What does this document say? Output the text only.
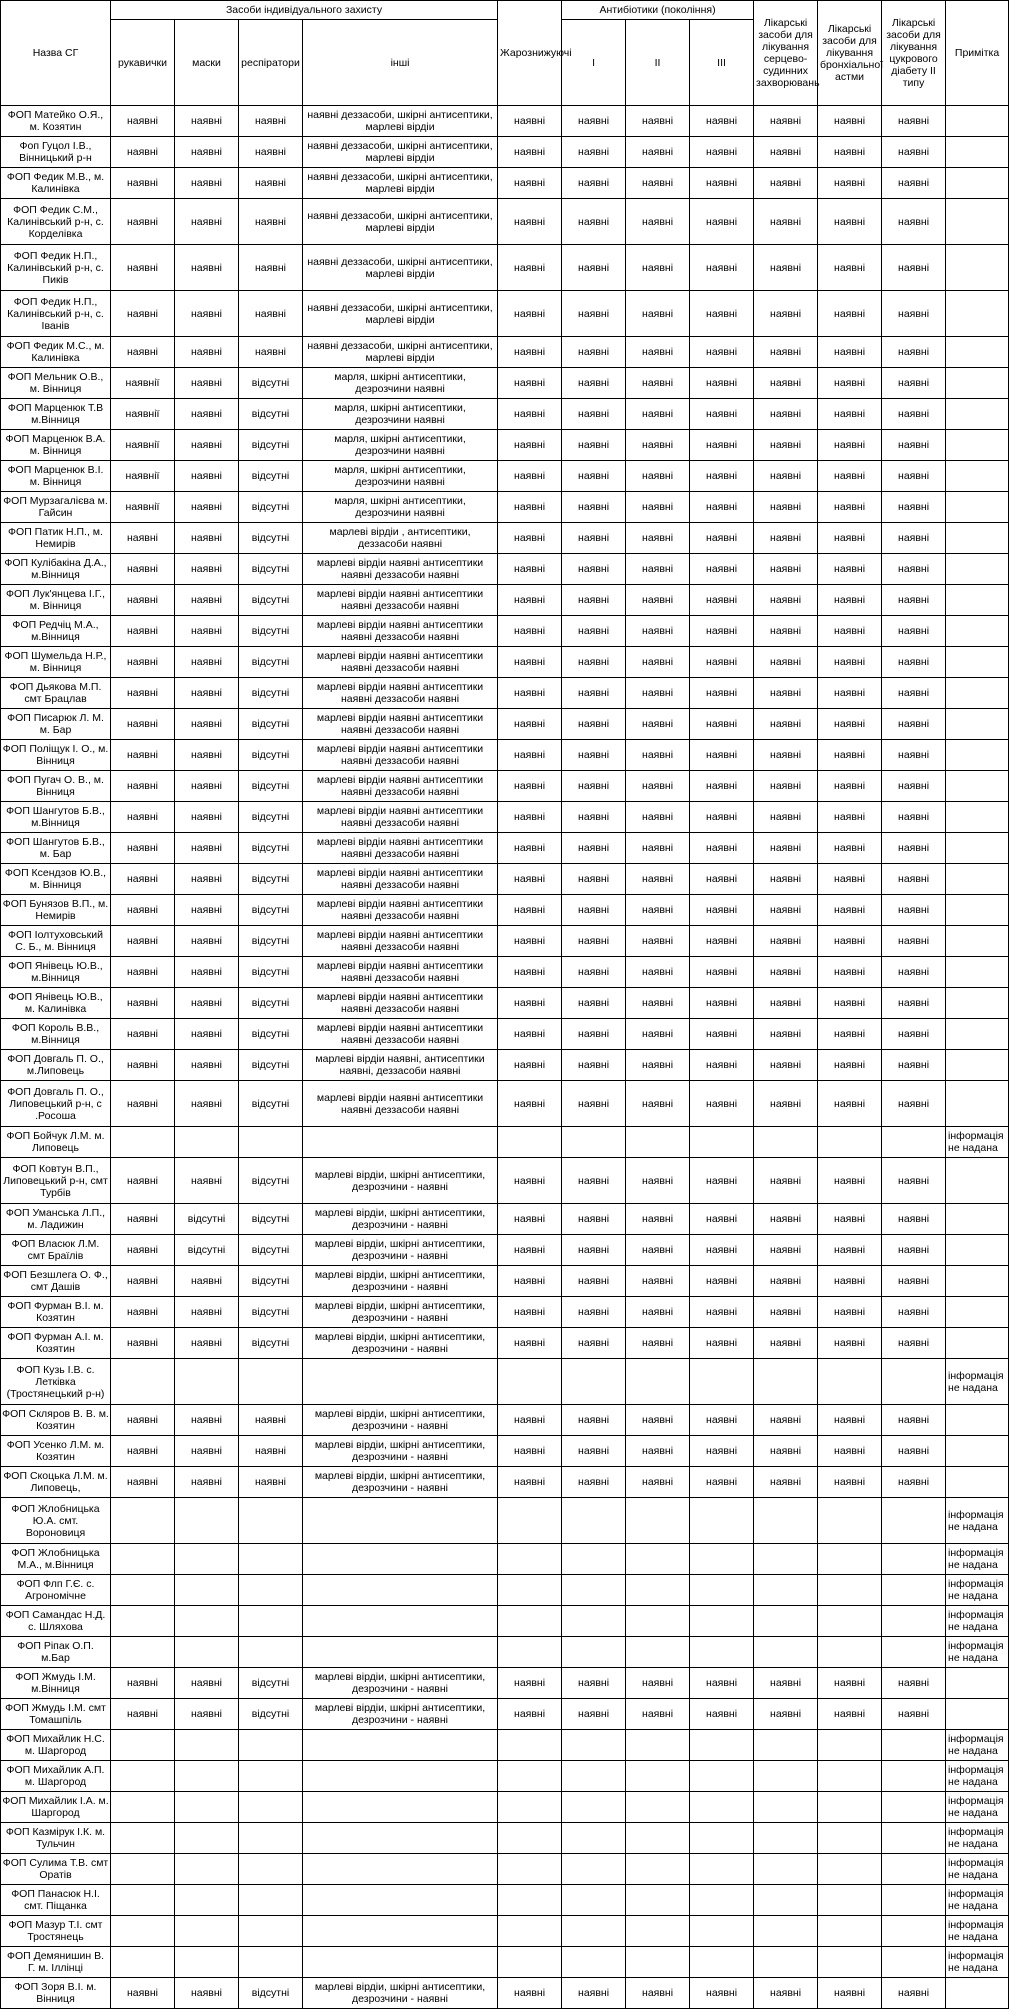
Назва СГ	Засоби індивідуального захисту				Жарознижуючі	Антибіотики (покоління)			Лікарські засоби для лікування серцево-судинних захворювань	Лікарські засоби для лікування бронхіальної астми	Лікарські засоби для лікування цукрового діабету ІІ типу	Примітка
	рукавички	маски	респіратори	інші		I	II	III				
ФОП Матейко О.Я., м. Козятин	наявні	наявні	наявні	наявні деззасоби, шкірні антисептики, марлеві вірдіи	наявні	наявні	наявні	наявні	наявні	наявні	наявні	
Фоп Гуцол І.В., Вінницький р-н	наявні	наявні	наявні	наявні деззасоби, шкірні антисептики, марлеві вірдіи	наявні	наявні	наявні	наявні	наявні	наявні	наявні	
ФОП Федик М.В., м. Калинівка	наявні	наявні	наявні	наявні деззасоби, шкірні антисептики, марлеві вірдіи	наявні	наявні	наявні	наявні	наявні	наявні	наявні	
ФОП Федик С.М., Калинівський р-н, с. Корделівка	наявні	наявні	наявні	наявні деззасоби, шкірні антисептики, марлеві вірдіи	наявні	наявні	наявні	наявні	наявні	наявні	наявні	
ФОП Федик Н.П., Калинівський р-н, с. Пиків	наявні	наявні	наявні	наявні деззасоби, шкірні антисептики, марлеві вірдіи	наявні	наявні	наявні	наявні	наявні	наявні	наявні	
ФОП Федик Н.П., Калинівський р-н, с. Іванів	наявні	наявні	наявні	наявні деззасоби, шкірні антисептики, марлеві вірдіи	наявні	наявні	наявні	наявні	наявні	наявні	наявні	
ФОП Федик М.С., м. Калинівка	наявні	наявні	наявні	наявні деззасоби, шкірні антисептики, марлеві вірдіи	наявні	наявні	наявні	наявні	наявні	наявні	наявні	
ФОП Мельник О.В., м. Вінниця	наявнії	наявні	відсутні	марля, шкірні антисептики, дезрозчини наявні	наявні	наявні	наявні	наявні	наявні	наявні	наявні	
ФОП Марценюк Т.В м.Вінниця	наявнії	наявні	відсутні	марля, шкірні антисептики, дезрозчини наявні	наявні	наявні	наявні	наявні	наявні	наявні	наявні	
ФОП Марценюк В.А. м. Вінниця	наявнії	наявні	відсутні	марля, шкірні антисептики, дезрозчини наявні	наявні	наявні	наявні	наявні	наявні	наявні	наявні	
ФОП Марценюк В.І. м. Вінниця	наявнії	наявні	відсутні	марля, шкірні антисептики, дезрозчини наявні	наявні	наявні	наявні	наявні	наявні	наявні	наявні	
ФОП Мурзагалієва м. Гайсин	наявнії	наявні	відсутні	марля, шкірні антисептики, дезрозчини наявні	наявні	наявні	наявні	наявні	наявні	наявні	наявні	
ФОП Патик Н.П., м. Немирів	наявні	наявні	відсутні	марлеві вірдіи , антисептики, деззасоби наявні	наявні	наявні	наявні	наявні	наявні	наявні	наявні	
ФОП Кулібакіна Д.А., м.Вінниця	наявні	наявні	відсутні	марлеві вірдіи наявні антисептики наявні деззасоби наявні	наявні	наявні	наявні	наявні	наявні	наявні	наявні	
ФОП Лук'янцева І.Г., м. Вінниця	наявні	наявні	відсутні	марлеві вірдіи наявні антисептики наявні деззасоби наявні	наявні	наявні	наявні	наявні	наявні	наявні	наявні	
ФОП Редчіц М.А., м.Вінниця	наявні	наявні	відсутні	марлеві вірдіи наявні антисептики наявні деззасоби наявні	наявні	наявні	наявні	наявні	наявні	наявні	наявні	
ФОП Шумельда Н.Р., м. Вінниця	наявні	наявні	відсутні	марлеві вірдіи наявні антисептики наявні деззасоби наявні	наявні	наявні	наявні	наявні	наявні	наявні	наявні	
ФОП Дьякова М.П. смт Брацлав	наявні	наявні	відсутні	марлеві вірдіи наявні антисептики наявні деззасоби наявні	наявні	наявні	наявні	наявні	наявні	наявні	наявні	
ФОП Писарюк Л. М. м. Бар	наявні	наявні	відсутні	марлеві вірдіи наявні антисептики наявні деззасоби наявні	наявні	наявні	наявні	наявні	наявні	наявні	наявні	
ФОП Поліщук І. О., м. Вінниця	наявні	наявні	відсутні	марлеві вірдіи наявні антисептики наявні деззасоби наявні	наявні	наявні	наявні	наявні	наявні	наявні	наявні	
ФОП Пугач О. В., м. Вінниця	наявні	наявні	відсутні	марлеві вірдіи наявні антисептики наявні деззасоби наявні	наявні	наявні	наявні	наявні	наявні	наявні	наявні	
ФОП Шангутов Б.В., м.Вінниця	наявні	наявні	відсутні	марлеві вірдіи наявні антисептики наявні деззасоби наявні	наявні	наявні	наявні	наявні	наявні	наявні	наявні	
ФОП Шангутов Б.В., м. Бар	наявні	наявні	відсутні	марлеві вірдіи наявні антисептики наявні деззасоби наявні	наявні	наявні	наявні	наявні	наявні	наявні	наявні	
ФОП Ксендзов Ю.В., м. Вінниця	наявні	наявні	відсутні	марлеві вірдіи наявні антисептики наявні деззасоби наявні	наявні	наявні	наявні	наявні	наявні	наявні	наявні	
ФОП Бунязов В.П., м. Немирів	наявні	наявні	відсутні	марлеві вірдіи наявні антисептики наявні деззасоби наявні	наявні	наявні	наявні	наявні	наявні	наявні	наявні	
ФОП Іолтуховський С. Б., м. Вінниця	наявні	наявні	відсутні	марлеві вірдіи наявні антисептики наявні деззасоби наявні	наявні	наявні	наявні	наявні	наявні	наявні	наявні	
ФОП Янівець Ю.В., м.Вінниця	наявні	наявні	відсутні	марлеві вірдіи наявні антисептики наявні деззасоби наявні	наявні	наявні	наявні	наявні	наявні	наявні	наявні	
ФОП Янівець Ю.В., м. Калинівка	наявні	наявні	відсутні	марлеві вірдіи наявні антисептики наявні деззасоби наявні	наявні	наявні	наявні	наявні	наявні	наявні	наявні	
ФОП Король В.В., м.Вінниця	наявні	наявні	відсутні	марлеві вірдіи наявні антисептики наявні деззасоби наявні	наявні	наявні	наявні	наявні	наявні	наявні	наявні	
ФОП Довгаль П. О., м.Липовець	наявні	наявні	відсутні	марлеві вірдіи наявні, антисептики наявні, деззасоби наявні	наявні	наявні	наявні	наявні	наявні	наявні	наявні	
ФОП Довгаль П. О., Липовецький р-н, с .Росоша	наявні	наявні	відсутні	марлеві вірдіи наявні антисептики наявні деззасоби наявні	наявні	наявні	наявні	наявні	наявні	наявні	наявні	
ФОП Бойчук Л.М. м. Липовець												інформація не надана
ФОП Ковтун В.П., Липовецький р-н, смт Турбів	наявні	наявні	відсутні	марлеві вірдіи, шкірні антисептики, дезрозчини - наявні	наявні	наявні	наявні	наявні	наявні	наявні	наявні	
ФОП Уманська Л.П., м. Ладижин	наявні	відсутні	відсутні	марлеві вірдіи, шкірні антисептики, дезрозчини - наявні	наявні	наявні	наявні	наявні	наявні	наявні	наявні	
ФОП Власюк Л.М. смт Браїлів	наявні	відсутні	відсутні	марлеві вірдіи, шкірні антисептики, дезрозчини - наявні	наявні	наявні	наявні	наявні	наявні	наявні	наявні	
ФОП Безшлега О. Ф., смт Дашів	наявні	наявні	відсутні	марлеві вірдіи, шкірні антисептики, дезрозчини - наявні	наявні	наявні	наявні	наявні	наявні	наявні	наявні	
ФОП Фурман В.І. м. Козятин	наявні	наявні	відсутні	марлеві вірдіи, шкірні антисептики, дезрозчини - наявні	наявні	наявні	наявні	наявні	наявні	наявні	наявні	
ФОП Фурман А.І. м. Козятин	наявні	наявні	відсутні	марлеві вірдіи, шкірні антисептики, дезрозчини - наявні	наявні	наявні	наявні	наявні	наявні	наявні	наявні	
ФОП Кузь І.В. с. Летківка (Тростянецький р-н)												інформація не надана
ФОП Скляров В. В. м. Козятин	наявні	наявні	наявні	марлеві вірдіи, шкірні антисептики, дезрозчини - наявні	наявні	наявні	наявні	наявні	наявні	наявні	наявні	
ФОП Усенко Л.М. м. Козятин	наявні	наявні	наявні	марлеві вірдіи, шкірні антисептики, дезрозчини - наявні	наявні	наявні	наявні	наявні	наявні	наявні	наявні	
ФОП Скоцька Л.М. м. Липовець,	наявні	наявні	наявні	марлеві вірдіи, шкірні антисептики, дезрозчини - наявні	наявні	наявні	наявні	наявні	наявні	наявні	наявні	
ФОП Жлобницька Ю.А. смт. Вороновиця												інформація не надана
ФОП Жлобницька М.А., м.Вінниця												інформація не надана
ФОП Флп Г.Є. с. Агрономічне												інформація не надана
ФОП Самандас Н.Д. с. Шляхова												інформація не надана
ФОП Ріпак О.П. м.Бар												інформація не надана
ФОП Жмудь І.М. м.Вінниця	наявні	наявні	відсутні	марлеві вірдіи, шкірні антисептики, дезрозчини - наявні	наявні	наявні	наявні	наявні	наявні	наявні	наявні	
ФОП Жмудь І.М. смт Томашпіль	наявні	наявні	відсутні	марлеві вірдіи, шкірні антисептики, дезрозчини - наявні	наявні	наявні	наявні	наявні	наявні	наявні	наявні	
ФОП Михайлик Н.С. м. Шаргород												інформація не надана
ФОП Михайлик А.П. м. Шаргород												інформація не надана
ФОП Михайлик І.А. м. Шаргород												інформація не надана
ФОП Казмірук І.К. м. Тульчин												інформація не надана
ФОП Сулима Т.В. смт Оратів												інформація не надана
ФОП Панасюк Н.І. смт. Піщанка												інформація не надана
ФОП Мазур Т.І. смт Тростянець												інформація не надана
ФОП Демянишин В. Г. м. Іллінці												інформація не надана
ФОП Зоря В.І. м. Вінниця	наявні	наявні	відсутні	марлеві вірдіи, шкірні антисептики, дезрозчини - наявні	наявні	наявні	наявні	наявні	наявні	наявні	наявні	
